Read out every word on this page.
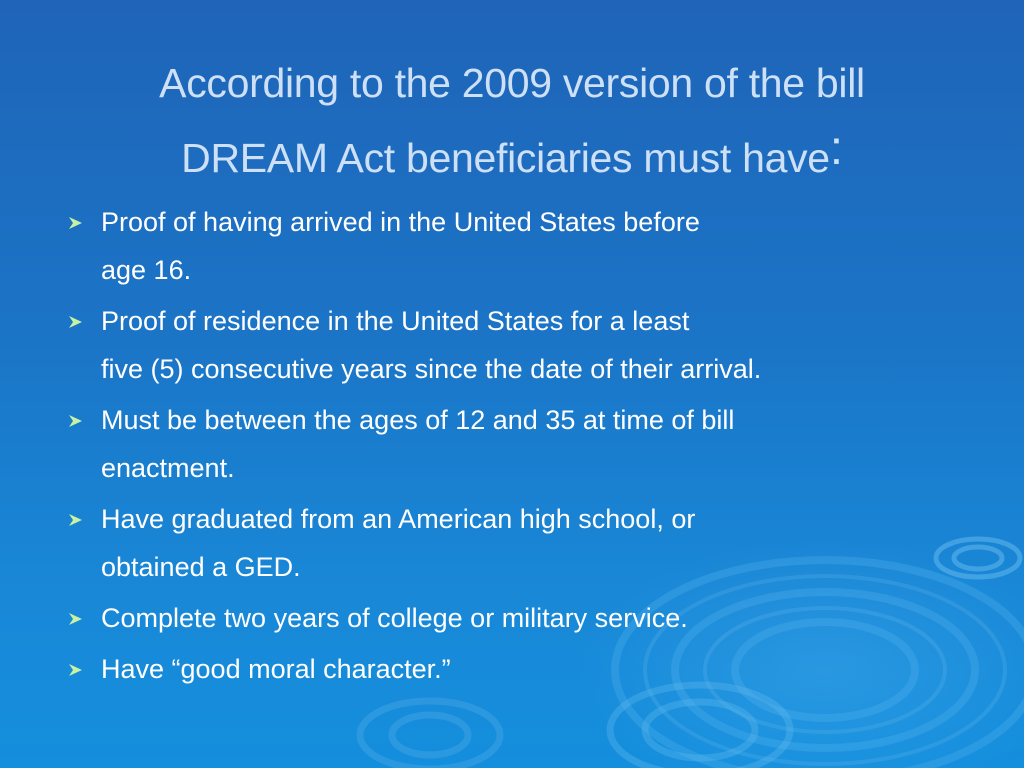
According to the 2009 version of the bill
DREAM Act beneficiaries must have:
Proof of having arrived in the United States before
age 16.
Proof of residence in the United States for a least
five (5) consecutive years since the date of their arrival.
Must be between the ages of 12 and 35 at time of bill
enactment.
Have graduated from an American high school, or
obtained a GED.
Complete two years of college or military service.
Have “good moral character.”
